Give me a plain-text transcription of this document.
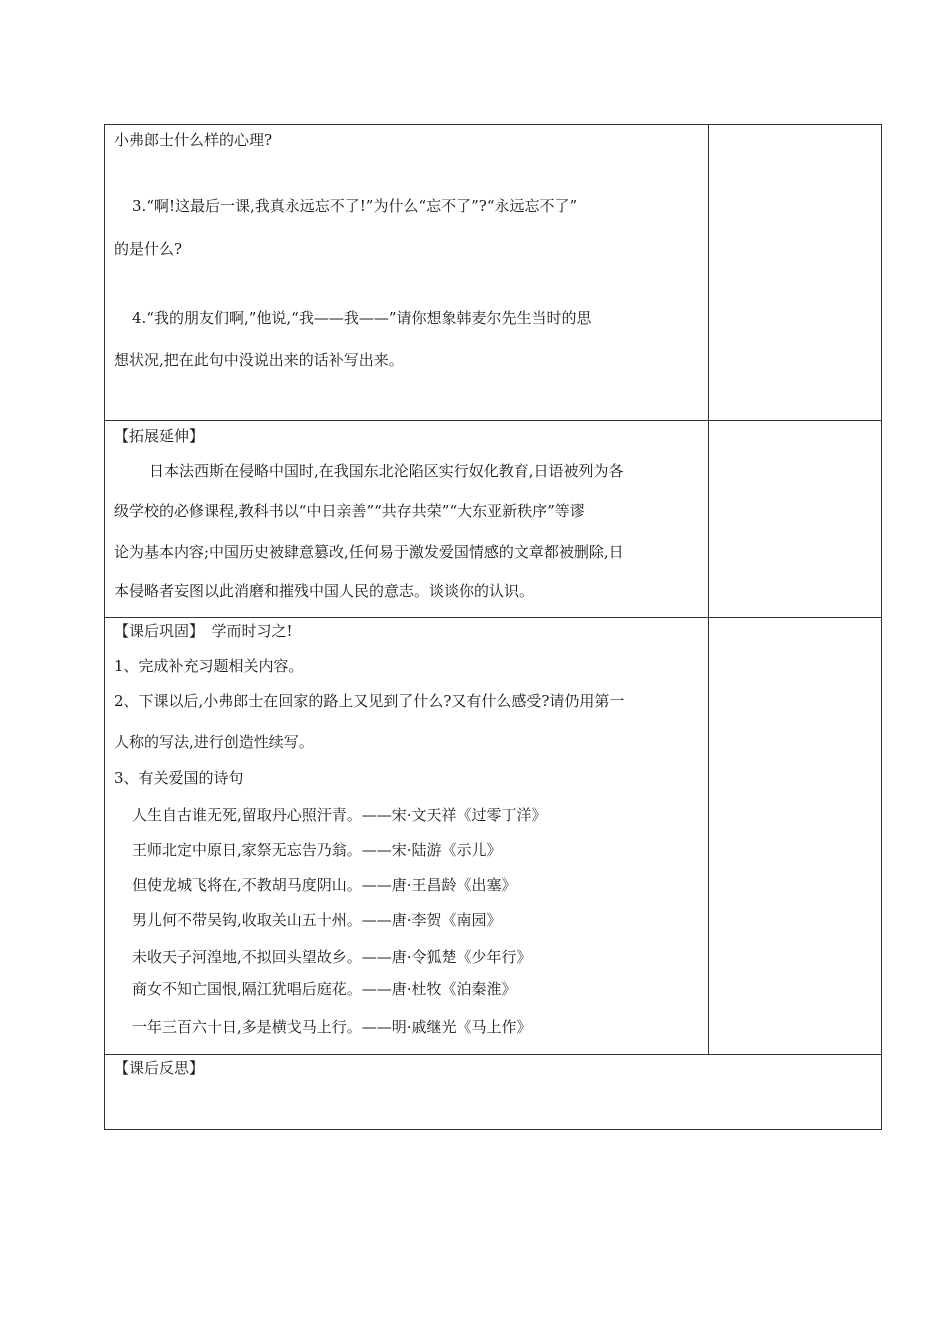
小弗郎士什么样的心理?
3.“啊!这最后一课,我真永远忘不了!”为什么“忘不了”?“永远忘不了”
的是什么?
4.“我的朋友们啊,”他说,“我——我——”请你想象韩麦尔先生当时的思
想状况,把在此句中没说出来的话补写出来。
【拓展延伸】
日本法西斯在侵略中国时,在我国东北沦陷区实行奴化教育,日语被列为各
级学校的必修课程,教科书以“中日亲善”“共存共荣”“大东亚新秩序”等谬
论为基本内容;中国历史被肆意篡改,任何易于激发爱国情感的文章都被删除,日
本侵略者妄图以此消磨和摧残中国人民的意志。谈谈你的认识。
【课后巩固】　学而时习之!
1、完成补充习题相关内容。
2、下课以后,小弗郎士在回家的路上又见到了什么?又有什么感受?请仍用第一
人称的写法,进行创造性续写。
3、有关爱国的诗句
人生自古谁无死,留取丹心照汗青。——宋·文天祥《过零丁洋》
王师北定中原日,家祭无忘告乃翁。——宋·陆游《示儿》
但使龙城飞将在,不教胡马度阴山。——唐·王昌龄《出塞》
男儿何不带吴钩,收取关山五十州。——唐·李贺《南园》
未收天子河湟地,不拟回头望故乡。——唐·令狐楚《少年行》
商女不知亡国恨,隔江犹唱后庭花。——唐·杜牧《泊秦淮》
一年三百六十日,多是横戈马上行。——明·戚继光《马上作》
【课后反思】
